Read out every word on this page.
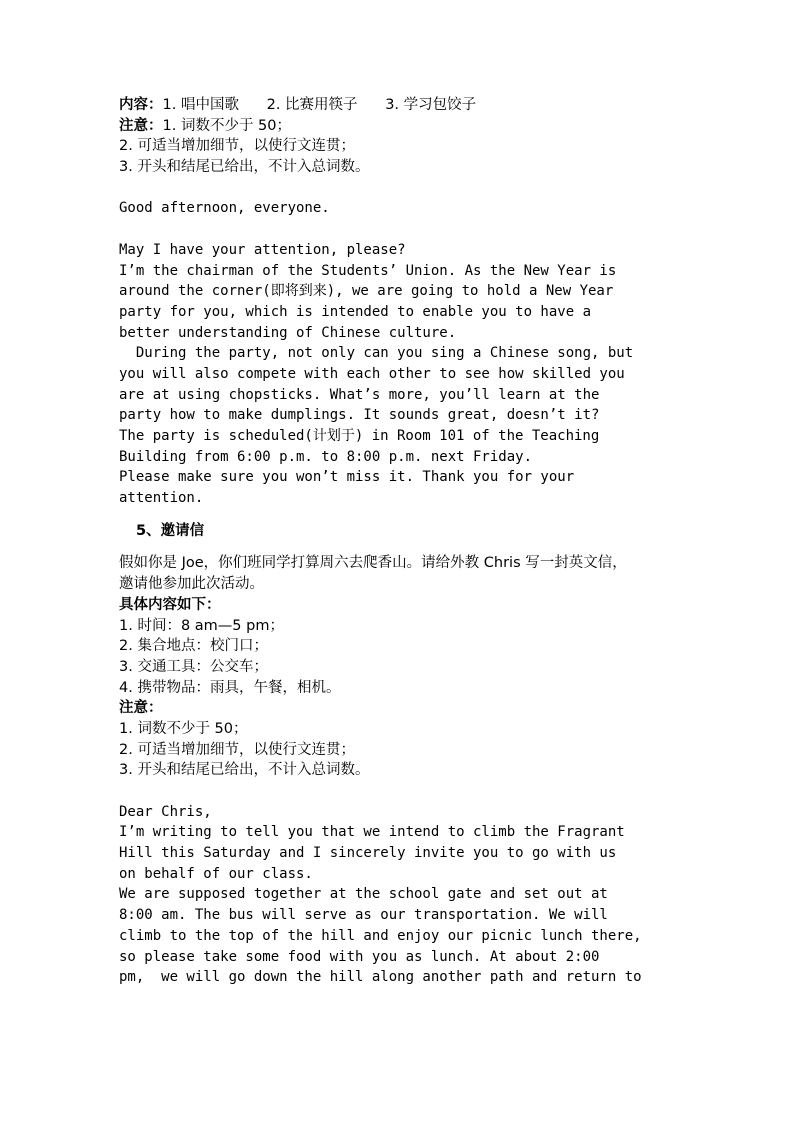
内容：1. 唱中国歌      2. 比赛用筷子      3. 学习包饺子
注意：1. 词数不少于 50；
2. 可适当增加细节，以使行文连贯；
3. 开头和结尾已给出，不计入总词数。
Good afternoon, everyone.
May I have your attention, please?
I’m the chairman of the Students’ Union. As the New Year is
around the corner(即将到来), we are going to hold a New Year
party for you, which is intended to enable you to have a
better understanding of Chinese culture.
During the party, not only can you sing a Chinese song, but
you will also compete with each other to see how skilled you
are at using chopsticks. What’s more, you’ll learn at the
party how to make dumplings. It sounds great, doesn’t it?
The party is scheduled(计划于) in Room 101 of the Teaching
Building from 6:00 p.m. to 8:00 p.m. next Friday.
Please make sure you won’t miss it. Thank you for your
attention.
5、邀请信
假如你是 Joe，你们班同学打算周六去爬香山。请给外教 Chris 写一封英文信，
邀请他参加此次活动。
具体内容如下：
1. 时间：8 am—5 pm；
2. 集合地点：校门口；
3. 交通工具：公交车；
4. 携带物品：雨具，午餐，相机。
注意：
1. 词数不少于 50；
2. 可适当增加细节，以使行文连贯；
3. 开头和结尾已给出，不计入总词数。
Dear Chris,
I’m writing to tell you that we intend to climb the Fragrant
Hill this Saturday and I sincerely invite you to go with us
on behalf of our class.
We are supposed together at the school gate and set out at
8:00 am. The bus will serve as our transportation. We will
climb to the top of the hill and enjoy our picnic lunch there,
so please take some food with you as lunch. At about 2:00
pm,  we will go down the hill along another path and return to
